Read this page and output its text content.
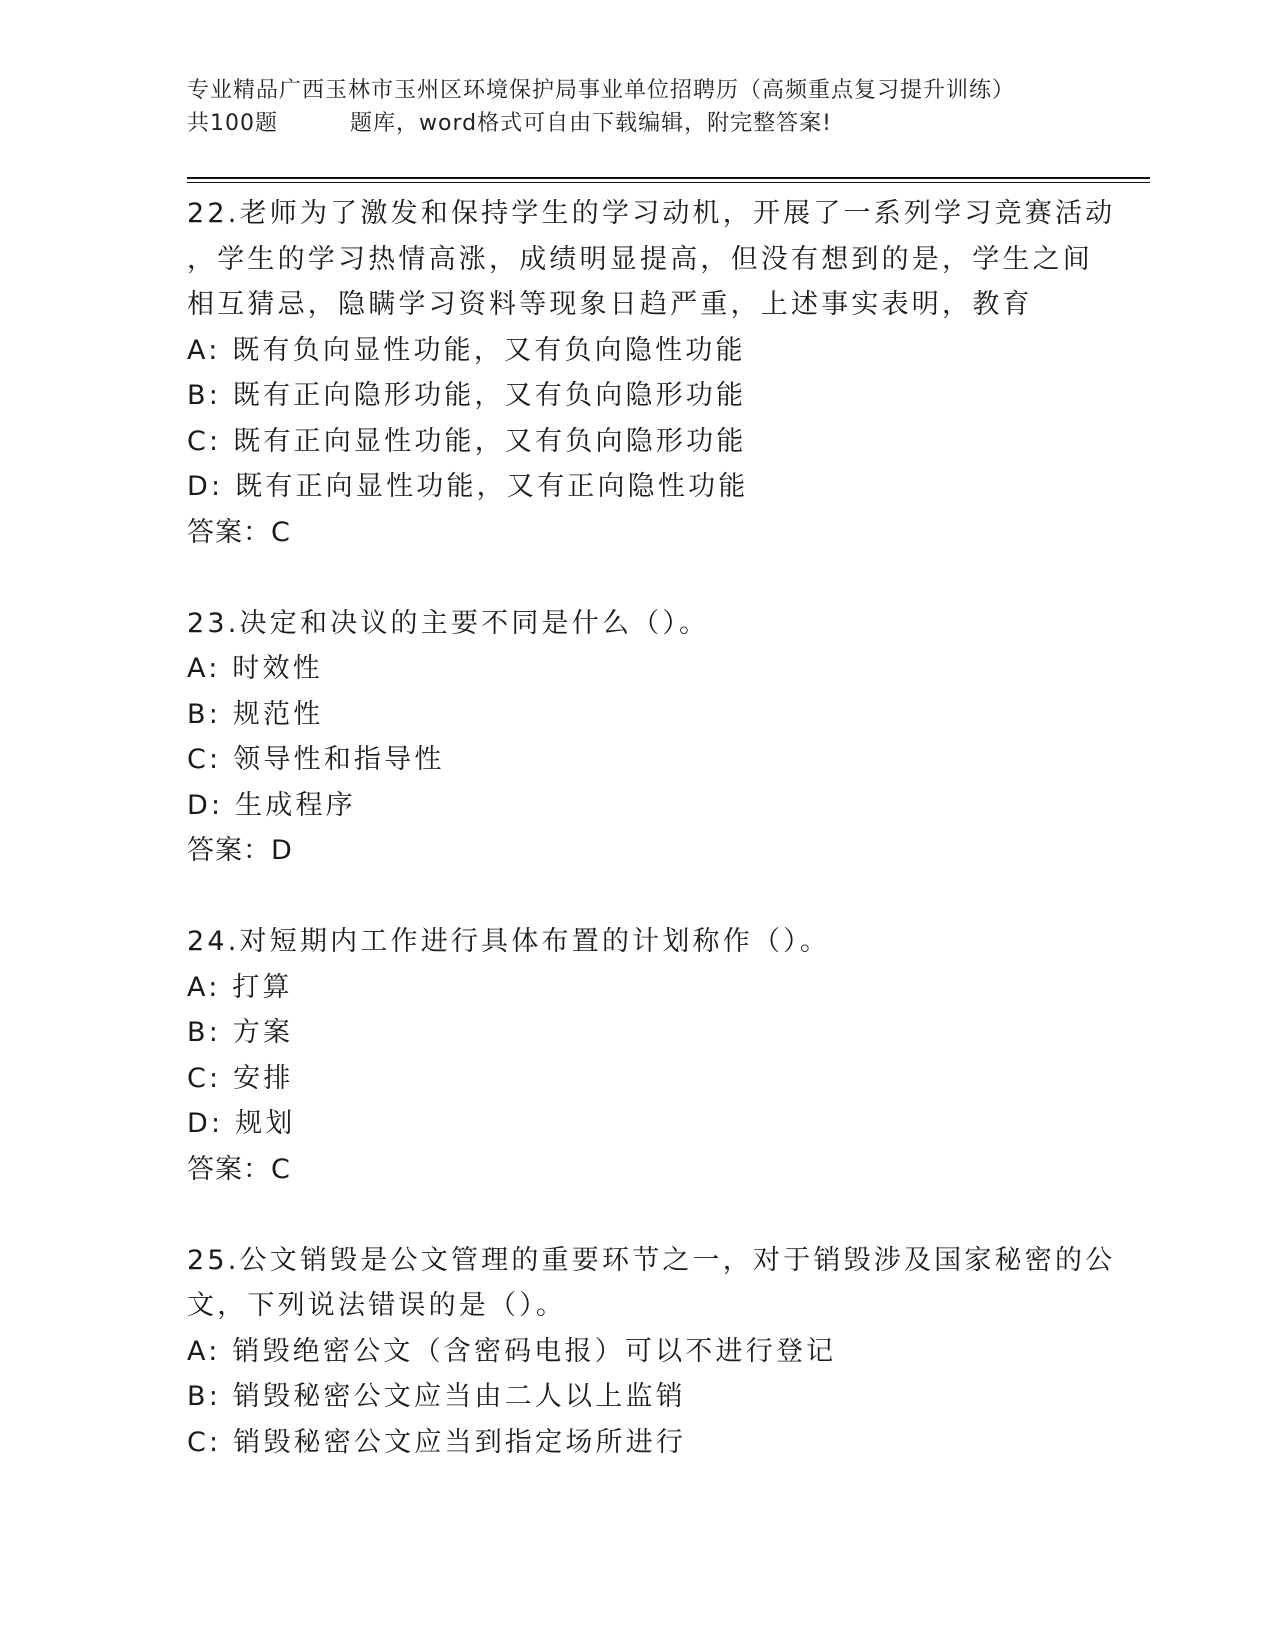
专业精品广西玉林市玉州区环境保护局事业单位招聘历（高频重点复习提升训练）
共100题	题库，word格式可自由下载编辑，附完整答案!
22.老师为了激发和保持学生的学习动机，开展了一系列学习竞赛活动
，学生的学习热情高涨，成绩明显提高，但没有想到的是，学生之间
相互猜忌，隐瞒学习资料等现象日趋严重，上述事实表明，教育
A: 既有负向显性功能，又有负向隐性功能
B: 既有正向隐形功能，又有负向隐形功能
C: 既有正向显性功能，又有负向隐形功能
D: 既有正向显性功能，又有正向隐性功能
答案：C
23.决定和决议的主要不同是什么（）。
A: 时效性
B: 规范性
C: 领导性和指导性
D: 生成程序
答案：D
24.对短期内工作进行具体布置的计划称作（）。
A: 打算
B: 方案
C: 安排
D: 规划
答案：C
25.公文销毁是公文管理的重要环节之一，对于销毁涉及国家秘密的公
文，下列说法错误的是（）。
A: 销毁绝密公文（含密码电报）可以不进行登记
B: 销毁秘密公文应当由二人以上监销
C: 销毁秘密公文应当到指定场所进行
